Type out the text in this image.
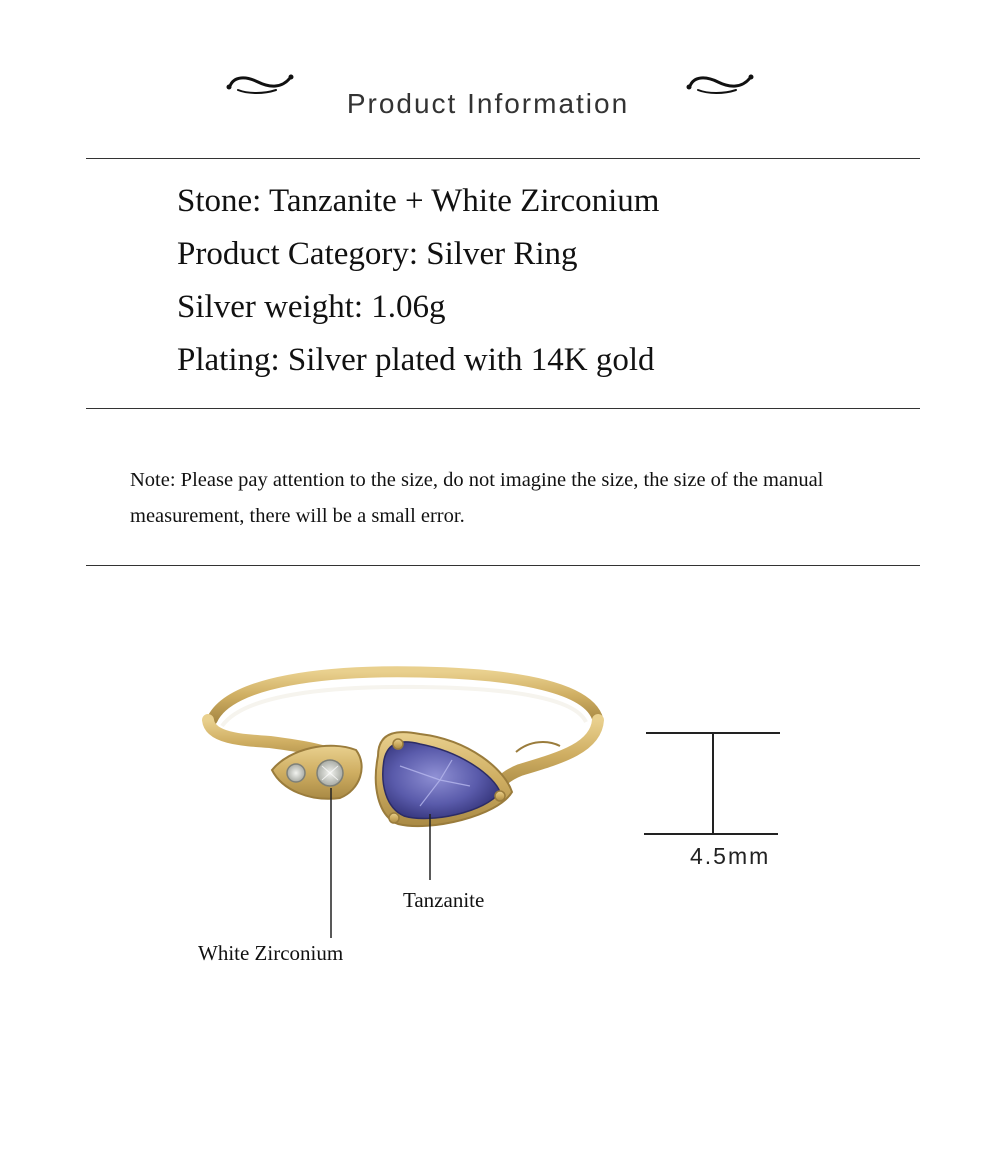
Product Information
Stone: Tanzanite + White Zirconium
Product Category: Silver Ring
Silver weight: 1.06g
Plating: Silver plated with 14K gold
Note: Please pay attention to the size, do not imagine the size, the size of the manual measurement, there will be a small error.
Tanzanite
White Zirconium
4.5mm
